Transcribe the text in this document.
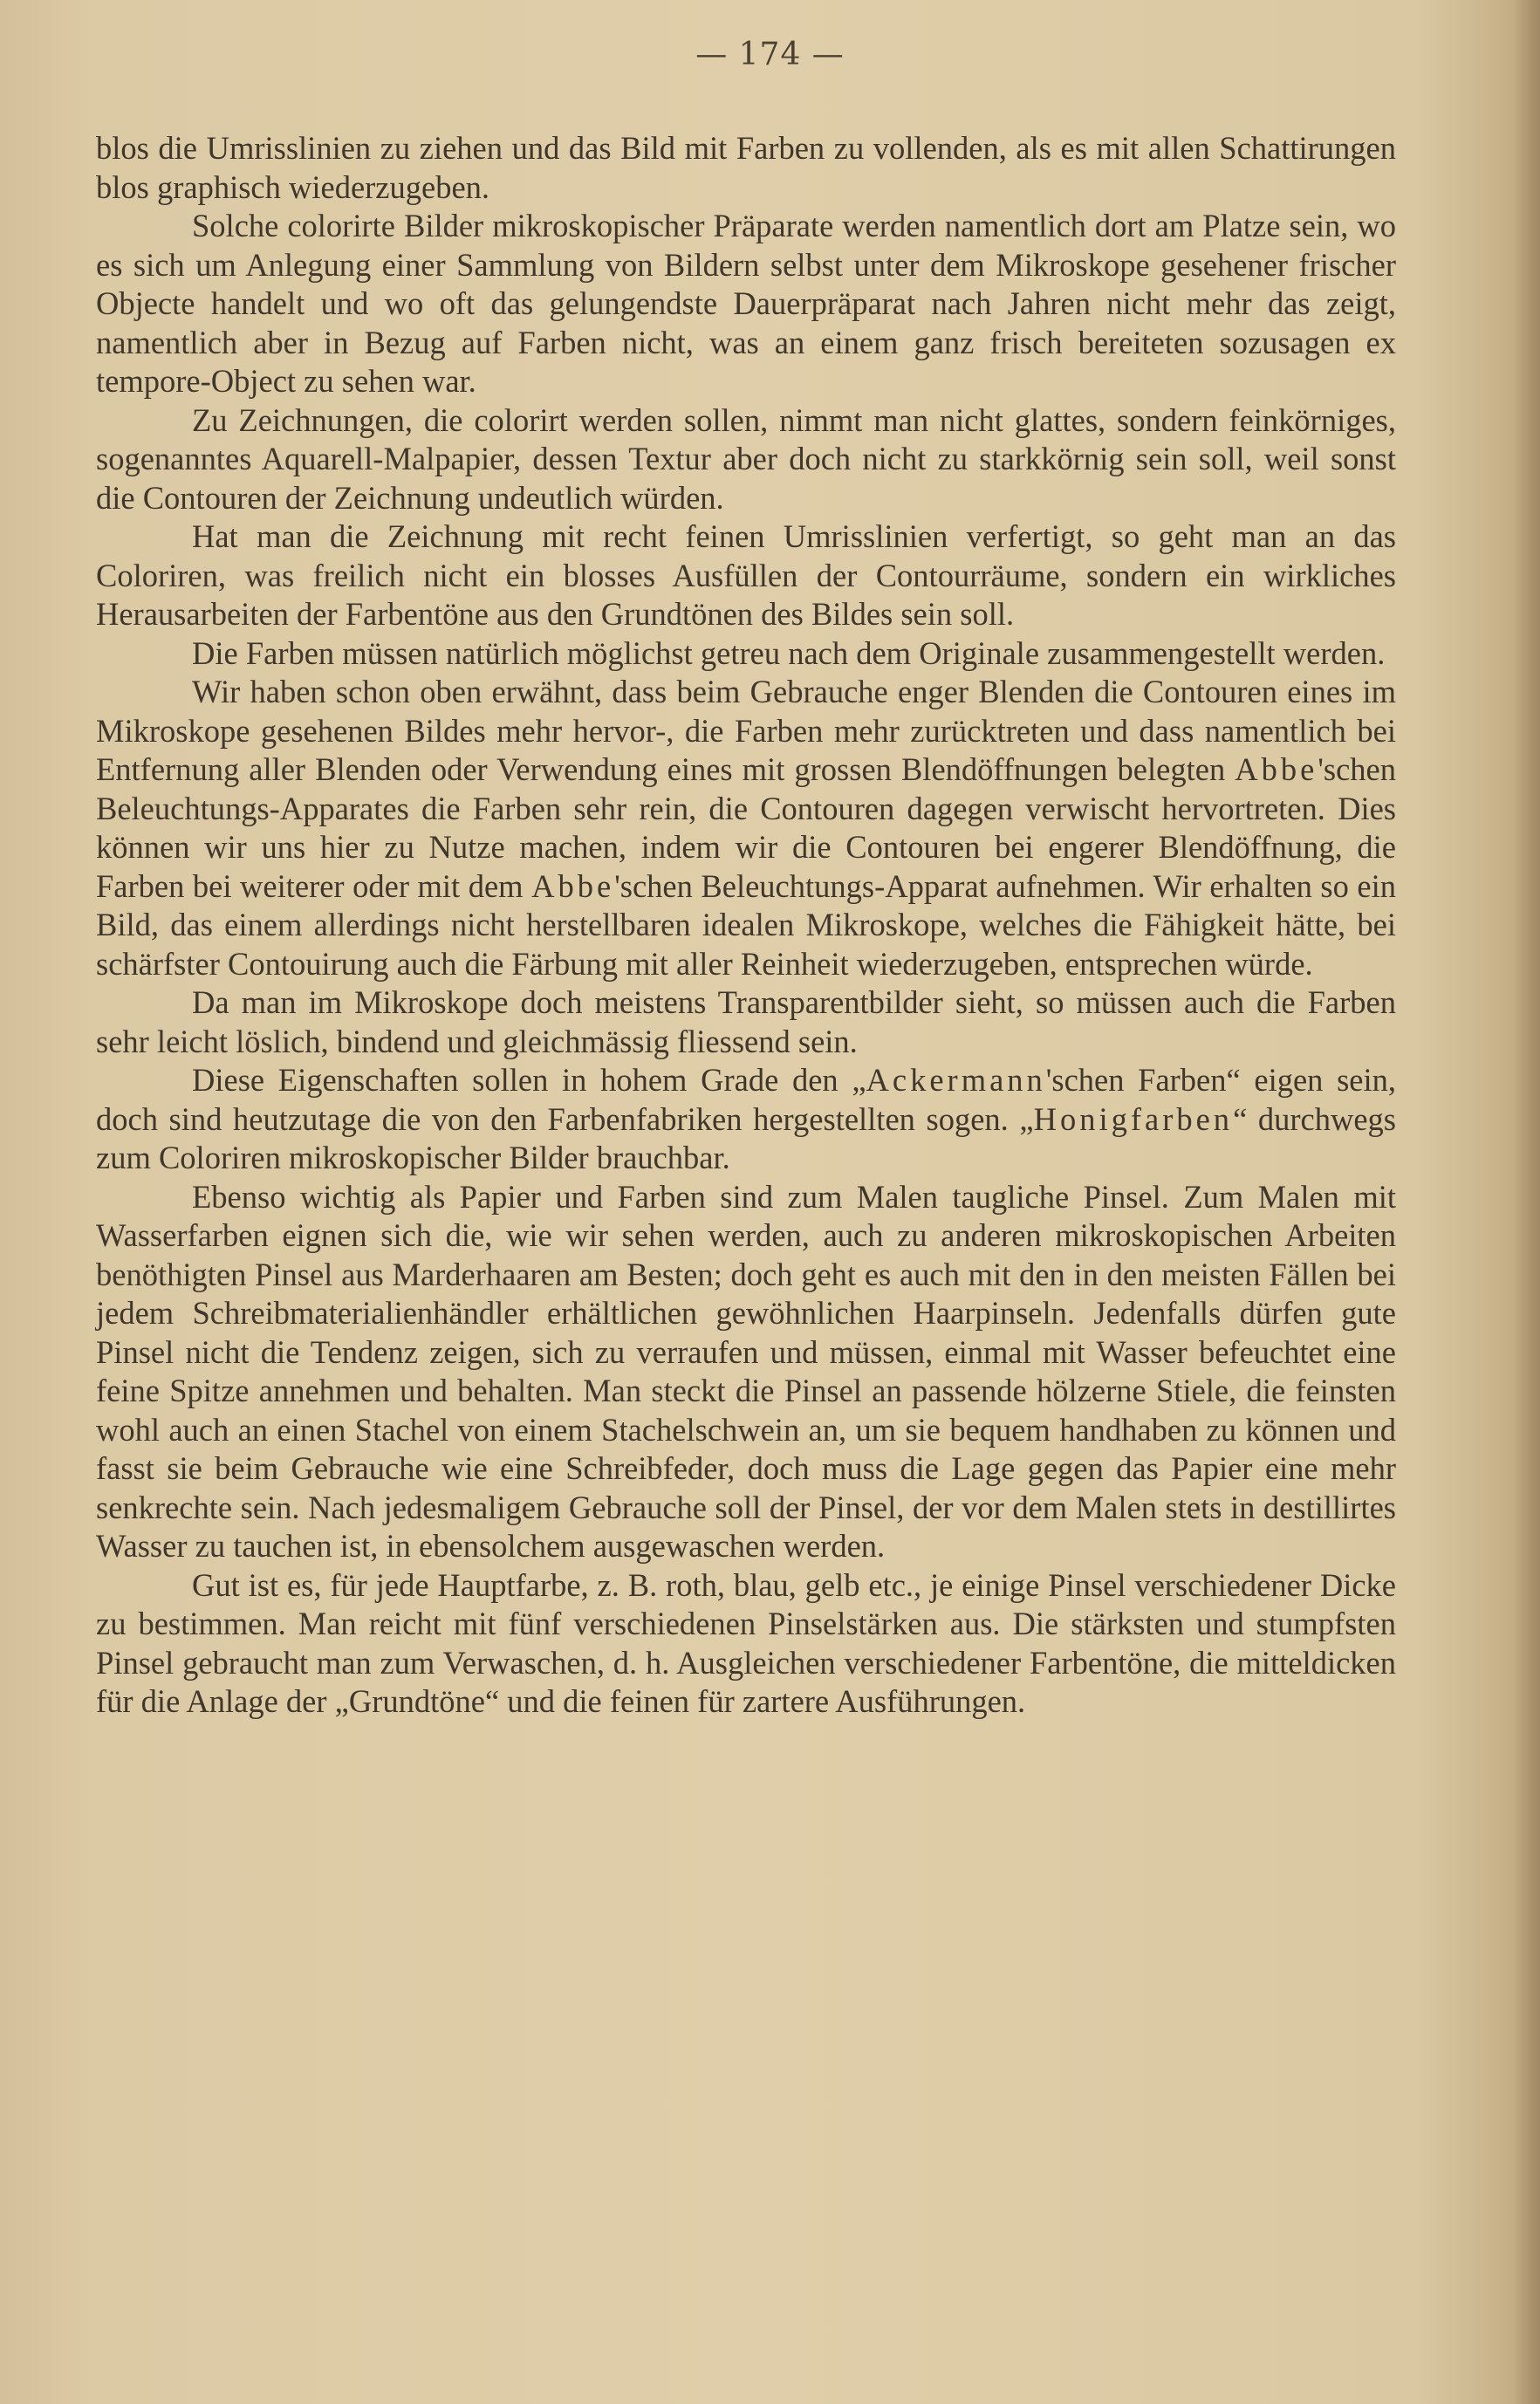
— 174 —

blos die Umrisslinien zu ziehen und das Bild mit Farben zu vollenden, als es mit allen Schattirungen blos graphisch wiederzugeben.

Solche colorirte Bilder mikroskopischer Präparate werden namentlich dort am Platze sein, wo es sich um Anlegung einer Sammlung von Bildern selbst unter dem Mikroskope gesehener frischer Objecte handelt und wo oft das gelungendste Dauerpräparat nach Jahren nicht mehr das zeigt, namentlich aber in Bezug auf Farben nicht, was an einem ganz frisch bereiteten sozusagen ex tempore-Object zu sehen war.

Zu Zeichnungen, die colorirt werden sollen, nimmt man nicht glattes, sondern feinkörniges, sogenanntes Aquarell-Malpapier, dessen Textur aber doch nicht zu starkkörnig sein soll, weil sonst die Contouren der Zeichnung undeutlich würden.

Hat man die Zeichnung mit recht feinen Umrisslinien verfertigt, so geht man an das Coloriren, was freilich nicht ein blosses Ausfüllen der Contourräume, sondern ein wirkliches Herausarbeiten der Farbentöne aus den Grundtönen des Bildes sein soll.

Die Farben müssen natürlich möglichst getreu nach dem Originale zusammengestellt werden.

Wir haben schon oben erwähnt, dass beim Gebrauche enger Blenden die Contouren eines im Mikroskope gesehenen Bildes mehr hervor-, die Farben mehr zurücktreten und dass namentlich bei Entfernung aller Blenden oder Verwendung eines mit grossen Blendöffnungen belegten Abbe'schen Beleuchtungs-Apparates die Farben sehr rein, die Contouren dagegen verwischt hervortreten. Dies können wir uns hier zu Nutze machen, indem wir die Contouren bei engerer Blendöffnung, die Farben bei weiterer oder mit dem Abbe'schen Beleuchtungs-Apparat aufnehmen. Wir erhalten so ein Bild, das einem allerdings nicht herstellbaren idealen Mikroskope, welches die Fähigkeit hätte, bei schärfster Contouirung auch die Färbung mit aller Reinheit wiederzugeben, entsprechen würde.

Da man im Mikroskope doch meistens Transparentbilder sieht, so müssen auch die Farben sehr leicht löslich, bindend und gleichmässig fliessend sein.

Diese Eigenschaften sollen in hohem Grade den „Ackermann'schen Farben“ eigen sein, doch sind heutzutage die von den Farbenfabriken hergestellten sogen. „Honigfarben“ durchwegs zum Coloriren mikroskopischer Bilder brauchbar.

Ebenso wichtig als Papier und Farben sind zum Malen taugliche Pinsel. Zum Malen mit Wasserfarben eignen sich die, wie wir sehen werden, auch zu anderen mikroskopischen Arbeiten benöthigten Pinsel aus Marderhaaren am Besten; doch geht es auch mit den in den meisten Fällen bei jedem Schreibmaterialienhändler erhältlichen gewöhnlichen Haarpinseln. Jedenfalls dürfen gute Pinsel nicht die Tendenz zeigen, sich zu verraufen und müssen, einmal mit Wasser befeuchtet eine feine Spitze annehmen und behalten. Man steckt die Pinsel an passende hölzerne Stiele, die feinsten wohl auch an einen Stachel von einem Stachelschwein an, um sie bequem handhaben zu können und fasst sie beim Gebrauche wie eine Schreibfeder, doch muss die Lage gegen das Papier eine mehr senkrechte sein. Nach jedesmaligem Gebrauche soll der Pinsel, der vor dem Malen stets in destillirtes Wasser zu tauchen ist, in ebensolchem ausgewaschen werden.

Gut ist es, für jede Hauptfarbe, z. B. roth, blau, gelb etc., je einige Pinsel verschiedener Dicke zu bestimmen. Man reicht mit fünf verschiedenen Pinselstärken aus. Die stärksten und stumpfsten Pinsel gebraucht man zum Verwaschen, d. h. Ausgleichen verschiedener Farbentöne, die mitteldicken für die Anlage der „Grundtöne“ und die feinen für zartere Ausführungen.
